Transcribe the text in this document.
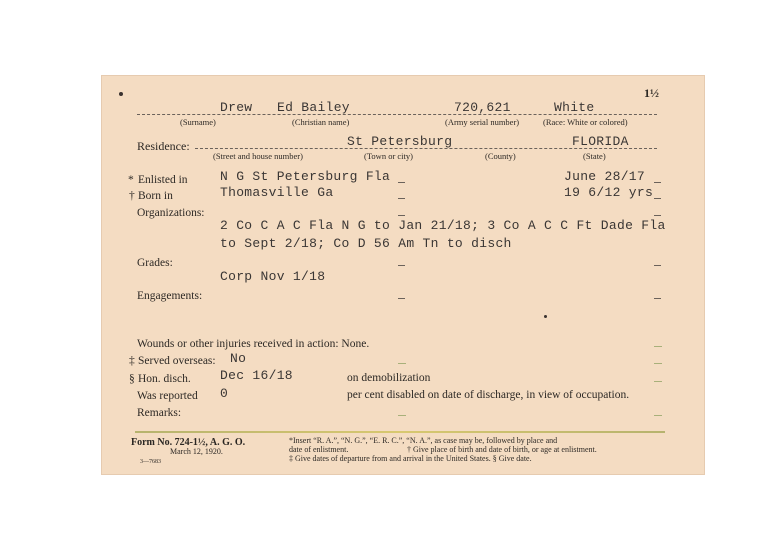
1½
Drew Ed Bailey	720,621	White
(Surname)	(Christian name)	(Army serial number)	(Race: White or colored)
Residence:	St Petersburg	FLORIDA
(Street and house number)	(Town or city)	(County)	(State)
* Enlisted in N G St Petersburg Fla	June 28/17
† Born in	Thomasville Ga	19 6/12 yrs
Organizations:
2 Co C A C Fla N G to Jan 21/18; 3 Co A C C Ft Dade Fla
to Sept 2/18; Co D 56 Am Tn to disch
Grades:
Corp Nov 1/18
Engagements:
Wounds or other injuries received in action: None.
‡ Served overseas: No
§ Hon. disch. Dec 16/18	on demobilization
Was reported 0	per cent disabled on date of discharge, in view of occupation.
Remarks:
Form No. 724-1½, A. G. O.
March 12, 1920.
3—7683
*Insert “R. A.”, “N. G.”, “E. R. C.”, “N. A.”, as case may be, followed by place and
date of enlistment.	† Give place of birth and date of birth, or age at enlistment.
‡ Give dates of departure from and arrival in the United States. § Give date.
